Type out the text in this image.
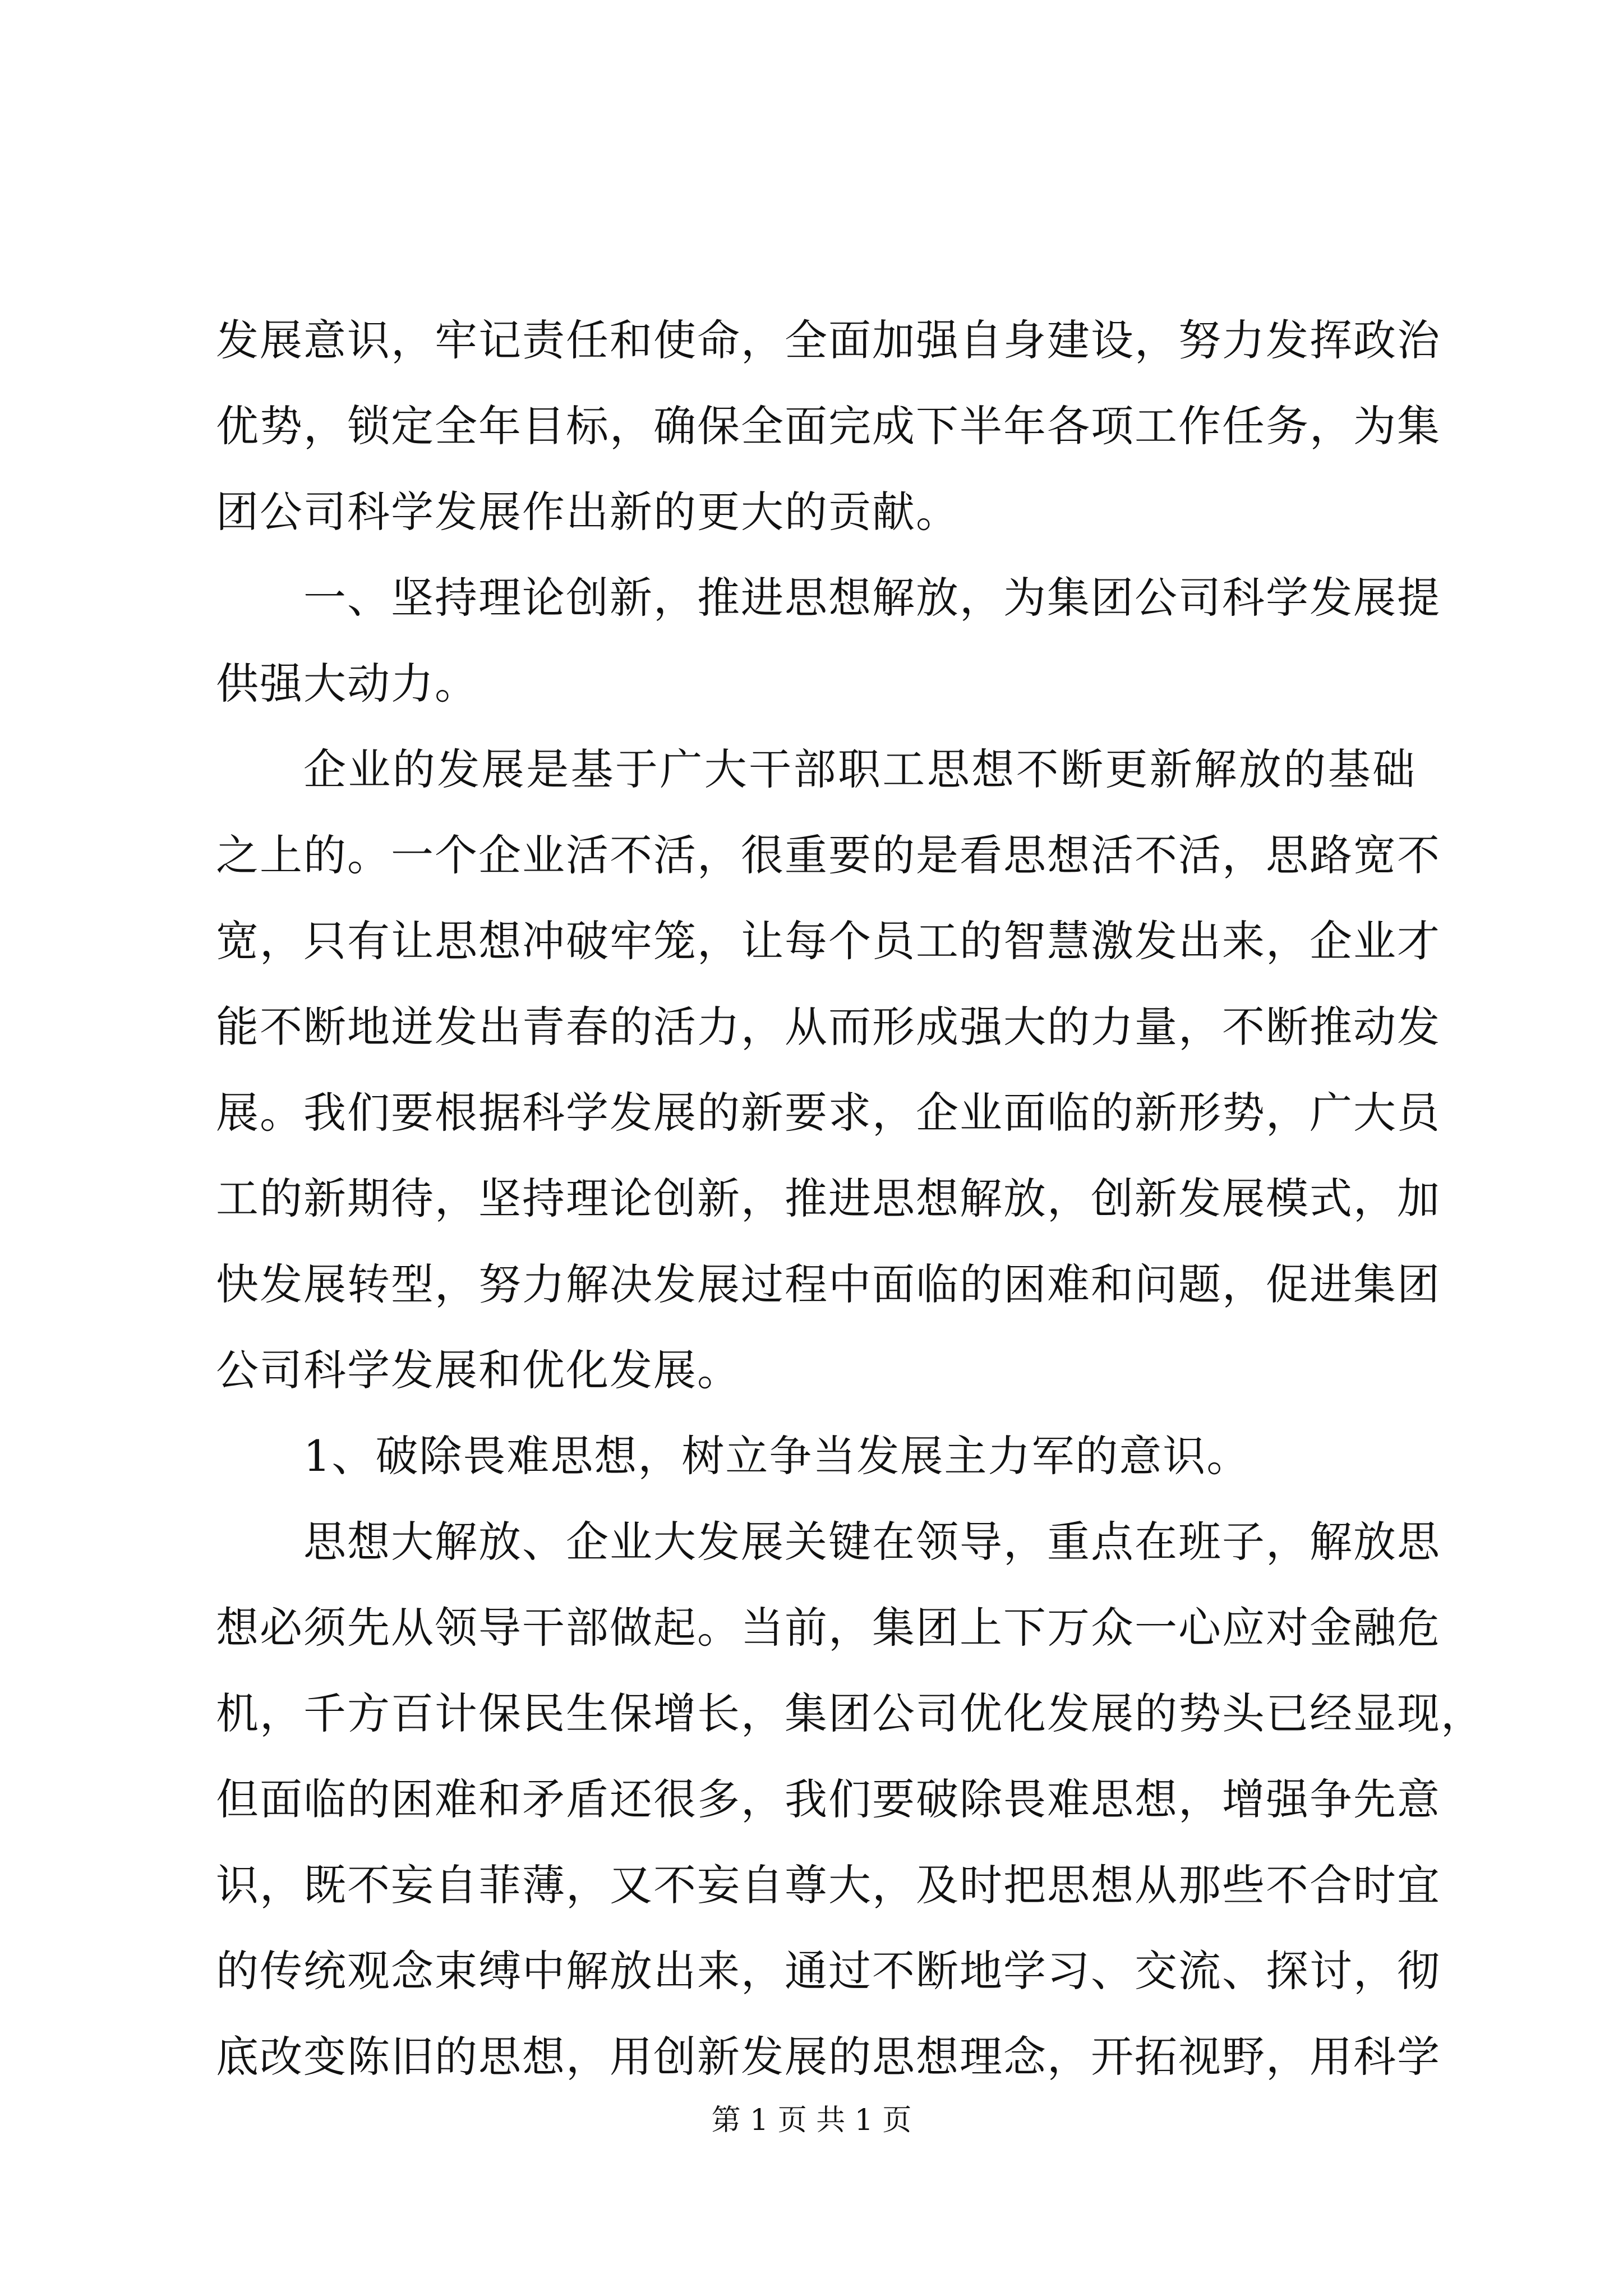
发展意识，牢记责任和使命，全面加强自身建设，努力发挥政治
优势，锁定全年目标，确保全面完成下半年各项工作任务，为集
团公司科学发展作出新的更大的贡献。
一、坚持理论创新，推进思想解放，为集团公司科学发展提
供强大动力。
企业的发展是基于广大干部职工思想不断更新解放的基础
之上的。一个企业活不活，很重要的是看思想活不活，思路宽不
宽，只有让思想冲破牢笼，让每个员工的智慧激发出来，企业才
能不断地迸发出青春的活力，从而形成强大的力量，不断推动发
展。我们要根据科学发展的新要求，企业面临的新形势，广大员
工的新期待，坚持理论创新，推进思想解放，创新发展模式，加
快发展转型，努力解决发展过程中面临的困难和问题，促进集团
公司科学发展和优化发展。
1、破除畏难思想，树立争当发展主力军的意识。
思想大解放、企业大发展关键在领导，重点在班子，解放思
想必须先从领导干部做起。当前，集团上下万众一心应对金融危
机，千方百计保民生保增长，集团公司优化发展的势头已经显现，
但面临的困难和矛盾还很多，我们要破除畏难思想，增强争先意
识，既不妄自菲薄，又不妄自尊大，及时把思想从那些不合时宜
的传统观念束缚中解放出来，通过不断地学习、交流、探讨，彻
底改变陈旧的思想，用创新发展的思想理念，开拓视野，用科学
第 1 页 共 1 页
